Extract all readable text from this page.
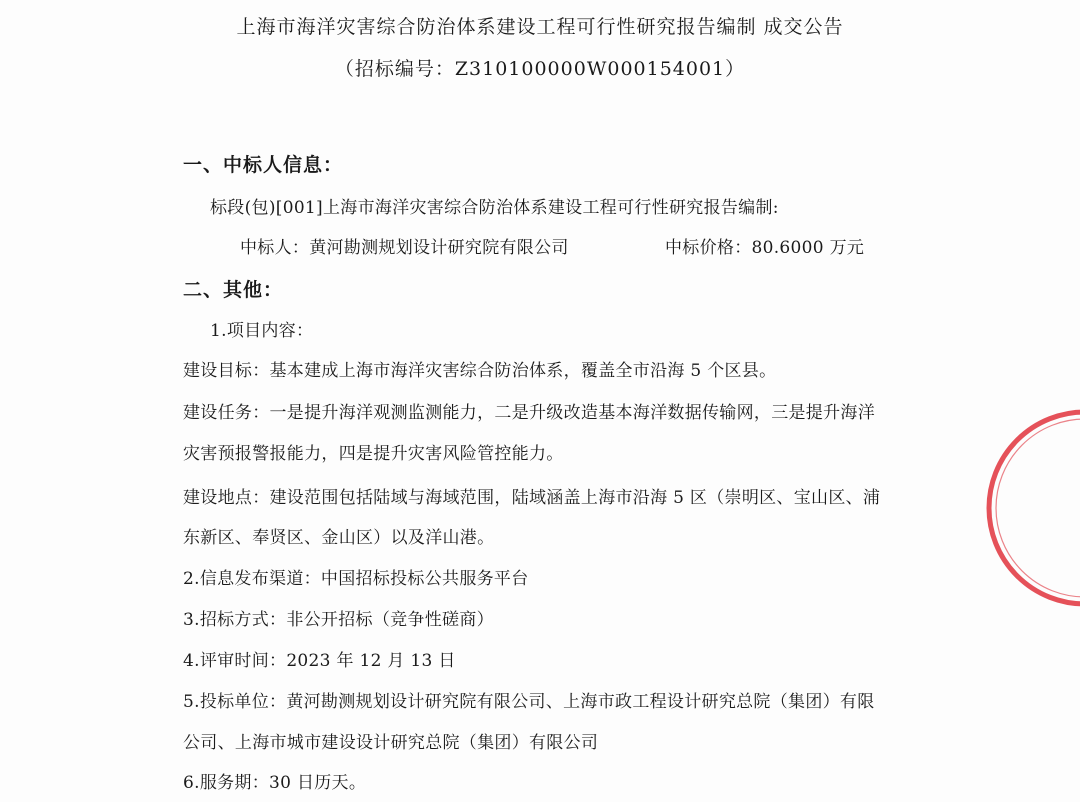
上海市海洋灾害综合防治体系建设工程可行性研究报告编制 成交公告
（招标编号：Z310100000W000154001）
一、中标人信息：
标段(包)[001]上海市海洋灾害综合防治体系建设工程可行性研究报告编制:
中标人：黄河勘测规划设计研究院有限公司	中标价格：80.6000 万元
二、其他：
1.项目内容：
建设目标：基本建成上海市海洋灾害综合防治体系，覆盖全市沿海 5 个区县。
建设任务：一是提升海洋观测监测能力，二是升级改造基本海洋数据传输网，三是提升海洋
灾害预报警报能力，四是提升灾害风险管控能力。
建设地点：建设范围包括陆域与海域范围，陆域涵盖上海市沿海 5 区（崇明区、宝山区、浦
东新区、奉贤区、金山区）以及洋山港。
2.信息发布渠道：中国招标投标公共服务平台
3.招标方式：非公开招标（竞争性磋商）
4.评审时间：2023 年 12 月 13 日
5.投标单位：黄河勘测规划设计研究院有限公司、上海市政工程设计研究总院（集团）有限
公司、上海市城市建设设计研究总院（集团）有限公司
6.服务期：30 日历天。
